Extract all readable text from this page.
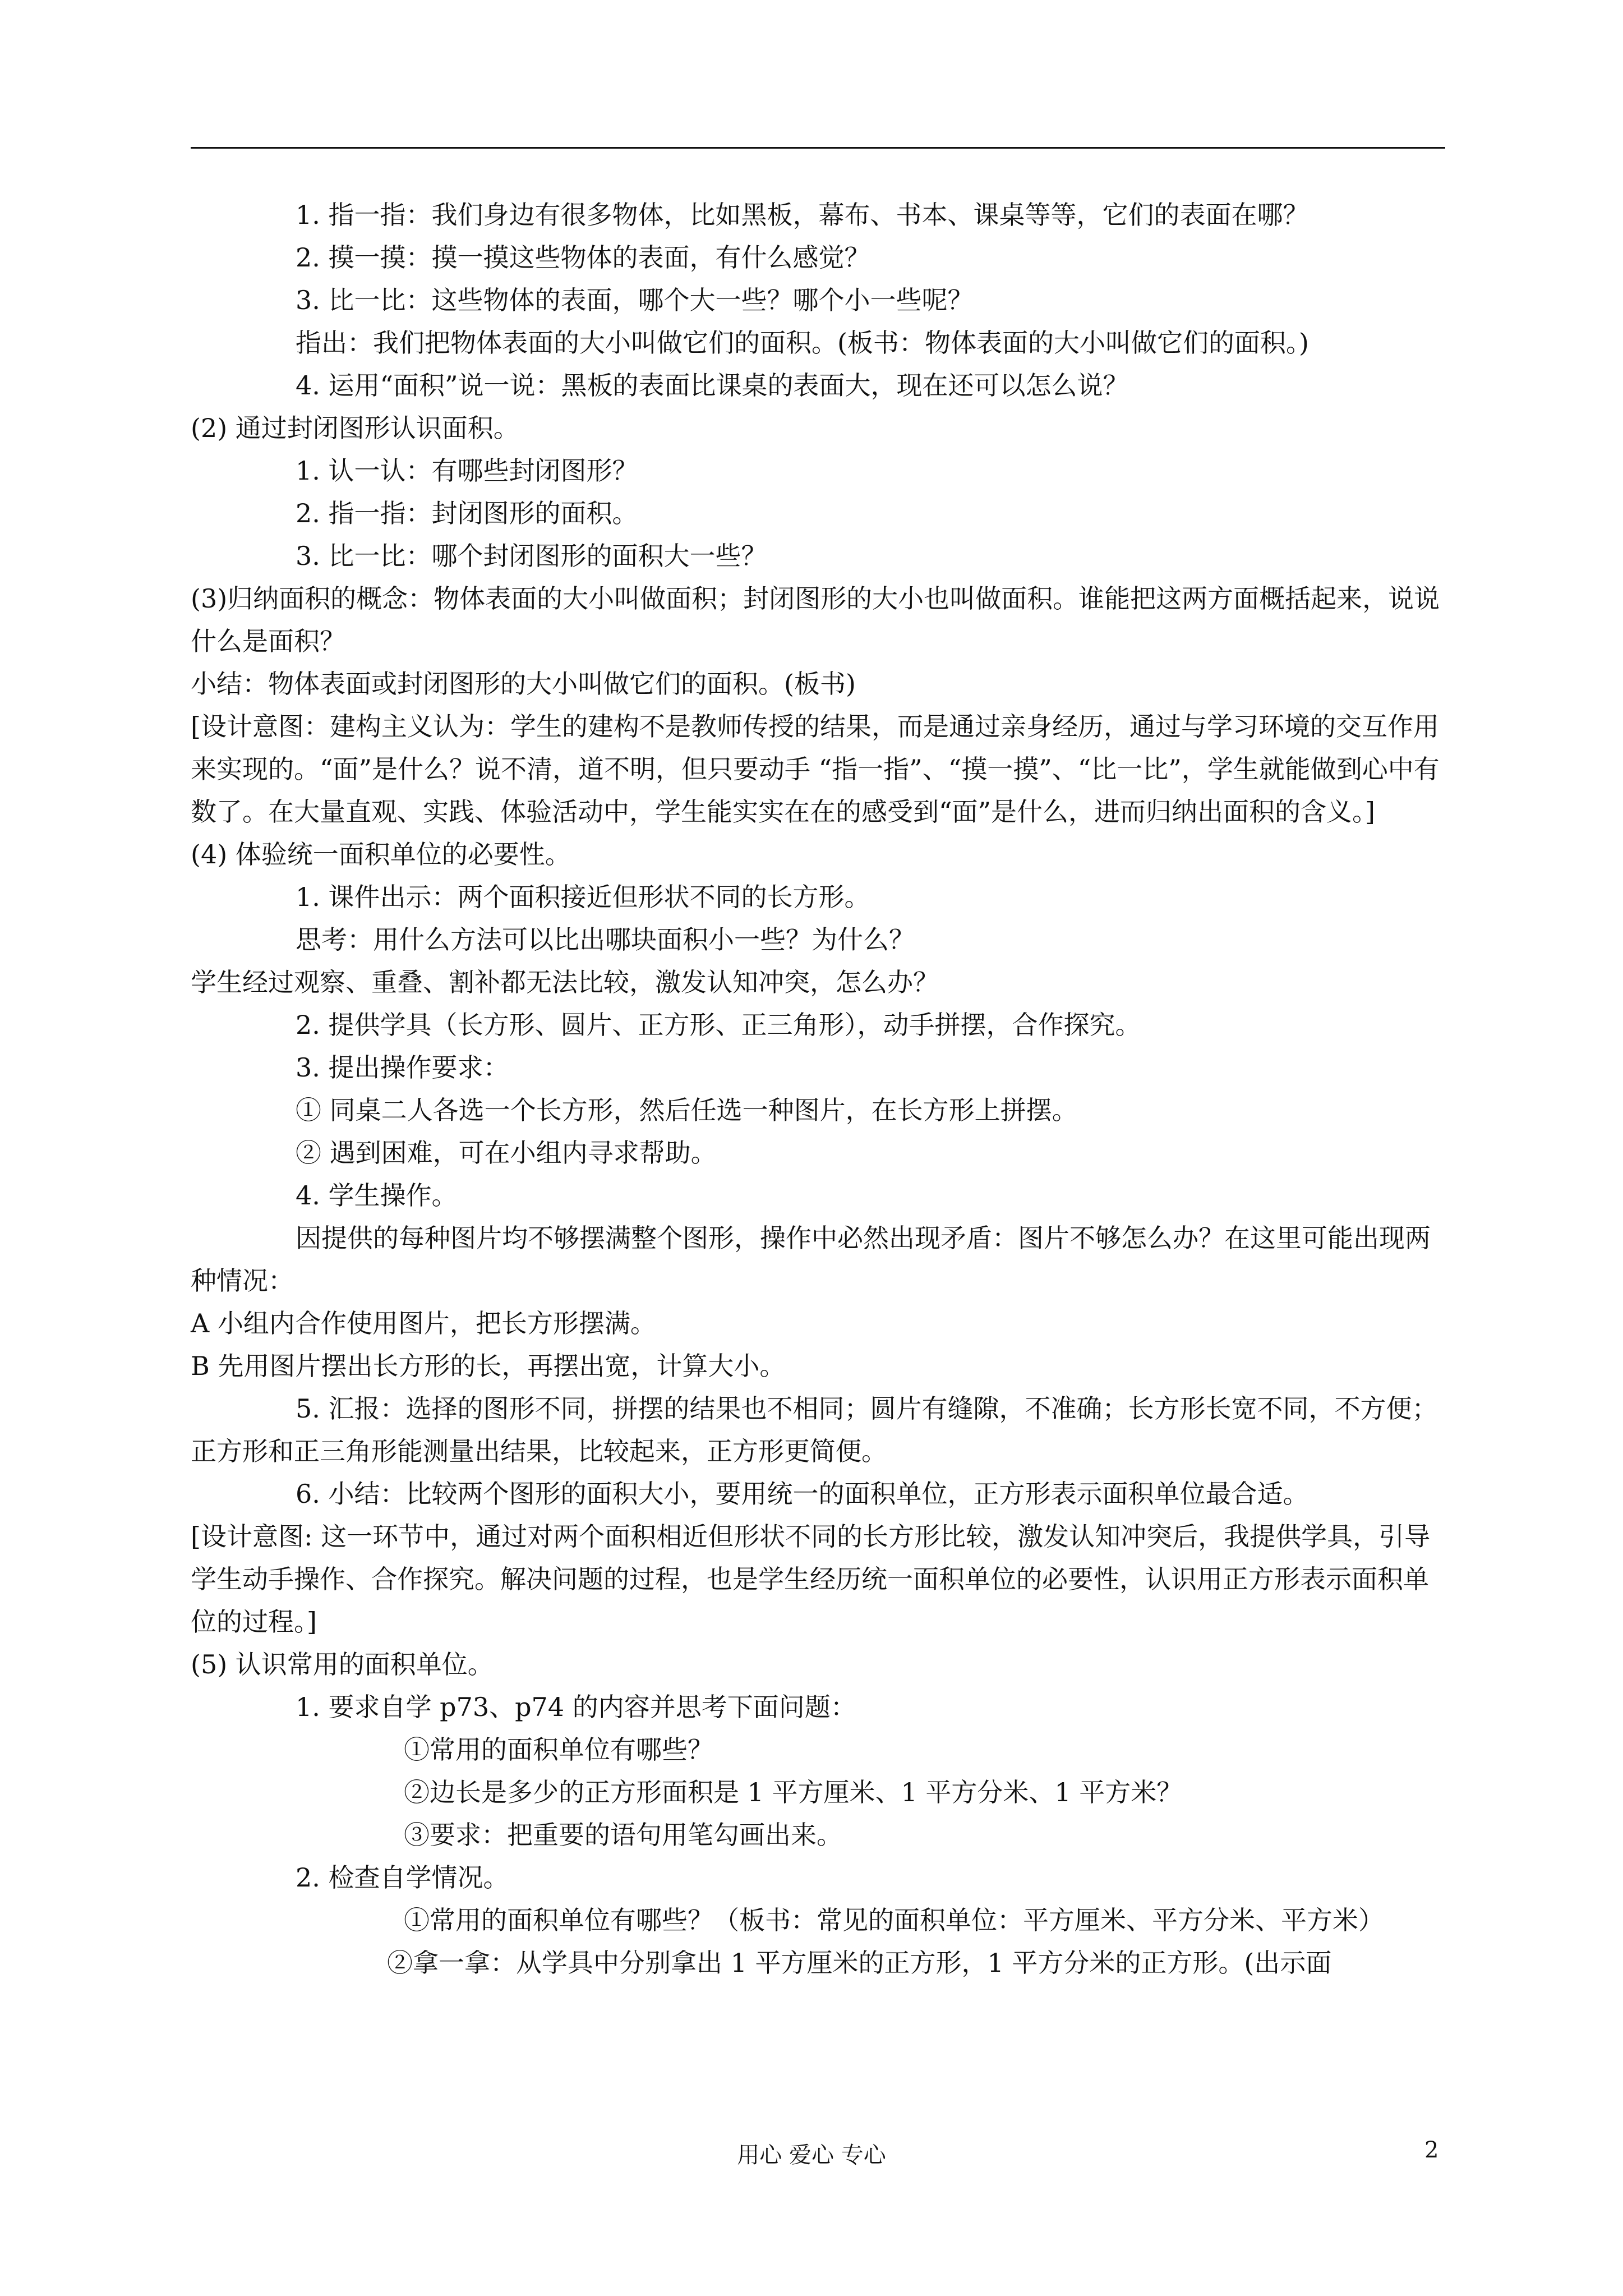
1. 指一指：我们身边有很多物体，比如黑板，幕布、书本、课桌等等，它们的表面在哪？
2. 摸一摸：摸一摸这些物体的表面，有什么感觉？
3. 比一比：这些物体的表面，哪个大一些？哪个小一些呢？
指出：我们把物体表面的大小叫做它们的面积。(板书：物体表面的大小叫做它们的面积。)
4. 运用“面积”说一说：黑板的表面比课桌的表面大，现在还可以怎么说？
(2) 通过封闭图形认识面积。
1. 认一认：有哪些封闭图形？
2. 指一指：封闭图形的面积。
3. 比一比：哪个封闭图形的面积大一些？
(3)归纳面积的概念：物体表面的大小叫做面积；封闭图形的大小也叫做面积。谁能把这两方面概括起来，说说什么是面积？
小结：物体表面或封闭图形的大小叫做它们的面积。(板书)
[设计意图：建构主义认为：学生的建构不是教师传授的结果，而是通过亲身经历，通过与学习环境的交互作用来实现的。“面”是什么？说不清，道不明，但只要动手 “指一指”、“摸一摸”、“比一比”，学生就能做到心中有数了。在大量直观、实践、体验活动中，学生能实实在在的感受到“面”是什么，进而归纳出面积的含义。]
(4) 体验统一面积单位的必要性。
1. 课件出示：两个面积接近但形状不同的长方形。
思考：用什么方法可以比出哪块面积小一些？为什么？
学生经过观察、重叠、割补都无法比较，激发认知冲突，怎么办？
2. 提供学具（长方形、圆片、正方形、正三角形），动手拼摆，合作探究。
3. 提出操作要求：
① 同桌二人各选一个长方形，然后任选一种图片，在长方形上拼摆。
② 遇到困难，可在小组内寻求帮助。
4. 学生操作。
因提供的每种图片均不够摆满整个图形，操作中必然出现矛盾：图片不够怎么办？在这里可能出现两种情况：
A 小组内合作使用图片，把长方形摆满。
B 先用图片摆出长方形的长，再摆出宽，计算大小。
5. 汇报：选择的图形不同，拼摆的结果也不相同；圆片有缝隙，不准确；长方形长宽不同，不方便；正方形和正三角形能测量出结果，比较起来，正方形更简便。
6. 小结：比较两个图形的面积大小，要用统一的面积单位，正方形表示面积单位最合适。
[设计意图: 这一环节中，通过对两个面积相近但形状不同的长方形比较，激发认知冲突后，我提供学具，引导学生动手操作、合作探究。解决问题的过程，也是学生经历统一面积单位的必要性，认识用正方形表示面积单位的过程。]
(5) 认识常用的面积单位。
1. 要求自学 p73、p74 的内容并思考下面问题：
①常用的面积单位有哪些？
②边长是多少的正方形面积是 1 平方厘米、1 平方分米、1 平方米？
③要求：把重要的语句用笔勾画出来。
2. 检查自学情况。
①常用的面积单位有哪些？（板书：常见的面积单位：平方厘米、平方分米、平方米）
②拿一拿：从学具中分别拿出 1 平方厘米的正方形，1 平方分米的正方形。(出示面
用心 爱心 专心	2
